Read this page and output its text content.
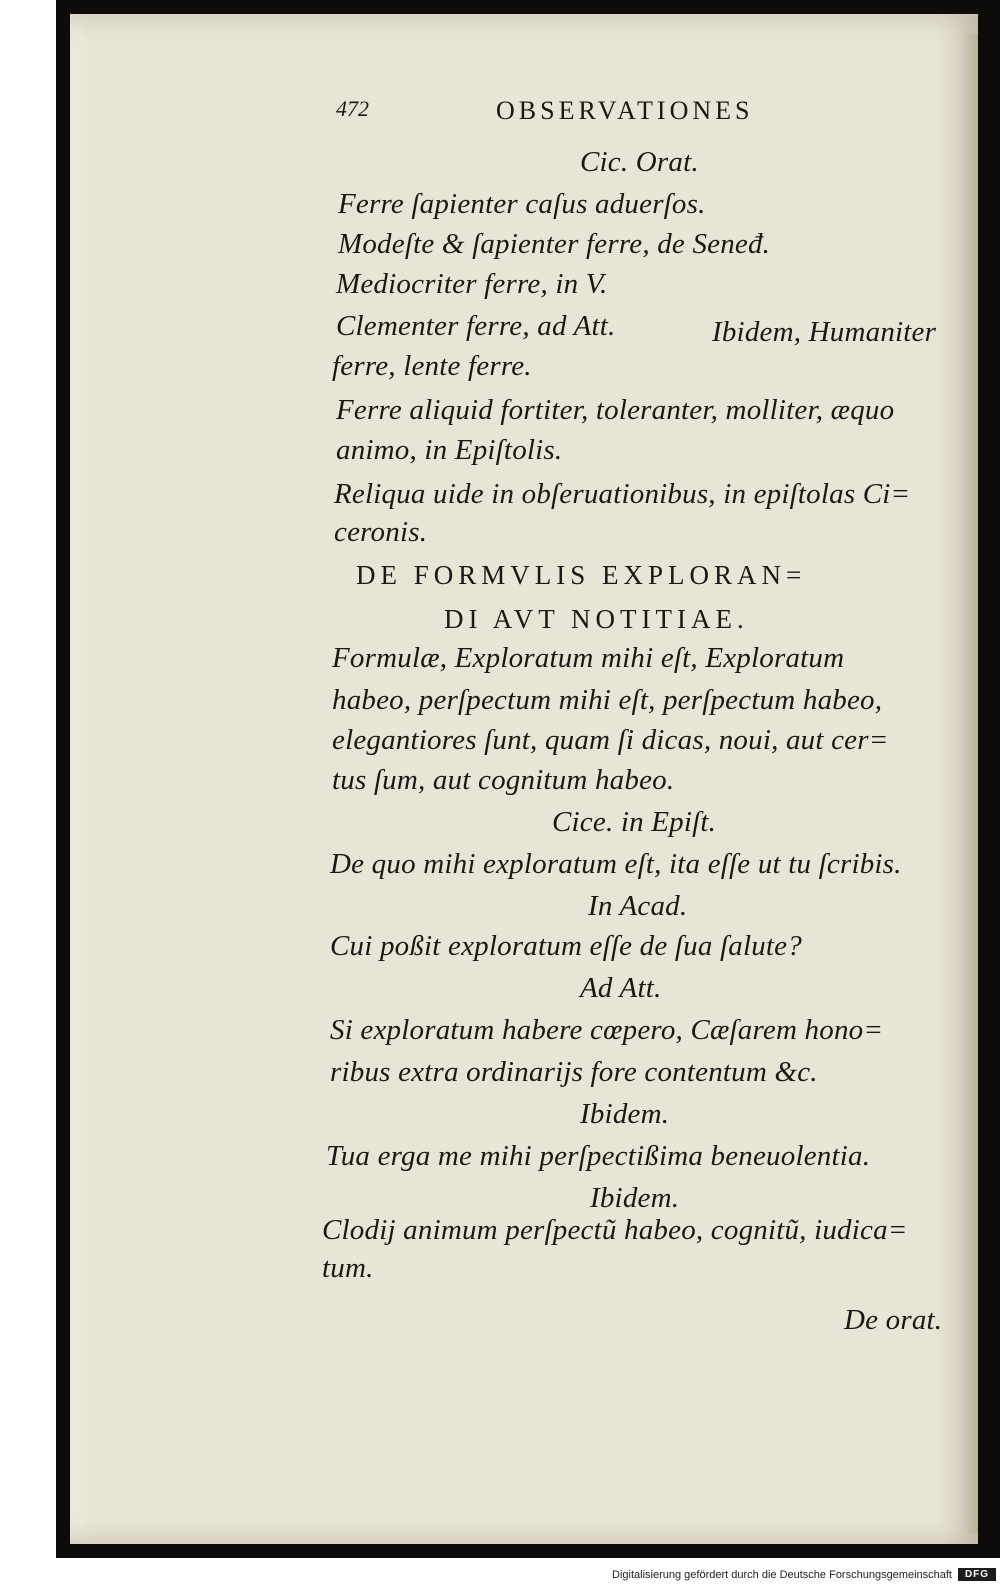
472	OBSERVATIONES
Cic. Orat.
Ferre ſapienter caſus aduerſos.
Modeſte & ſapienter ferre, de Seneđ.
Mediocriter ferre, in V.
Clementer ferre, ad Att.	Ibidem, Humaniter
ferre, lente ferre.
Ferre aliquid fortiter, toleranter, molliter, æquo
animo, in Epiſtolis.
Reliqua uide in obſeruationibus, in epiſtolas Ci=
ceronis.
DE FORMVLIS EXPLORAN=
DI AVT NOTITIAE.
Formulæ, Exploratum mihi eſt, Exploratum
habeo, perſpectum mihi eſt, perſpectum habeo,
elegantiores ſunt, quam ſi dicas, noui, aut cer=
tus ſum, aut cognitum habeo.
Cice. in Epiſt.
De quo mihi exploratum eſt, ita eſſe ut tu ſcribis.
In Acad.
Cui poßit exploratum eſſe de ſua ſalute?
Ad Att.
Si exploratum habere cœpero, Cæſarem hono=
ribus extra ordinarijs fore contentum &c.
Ibidem.
Tua erga me mihi perſpectißima beneuolentia.
Ibidem.
Clodij animum perſpectũ habeo, cognitũ, iudica=
tum.
De orat.
Digitalisierung gefördert durch die Deutsche Forschungsgemeinschaft	DFG
